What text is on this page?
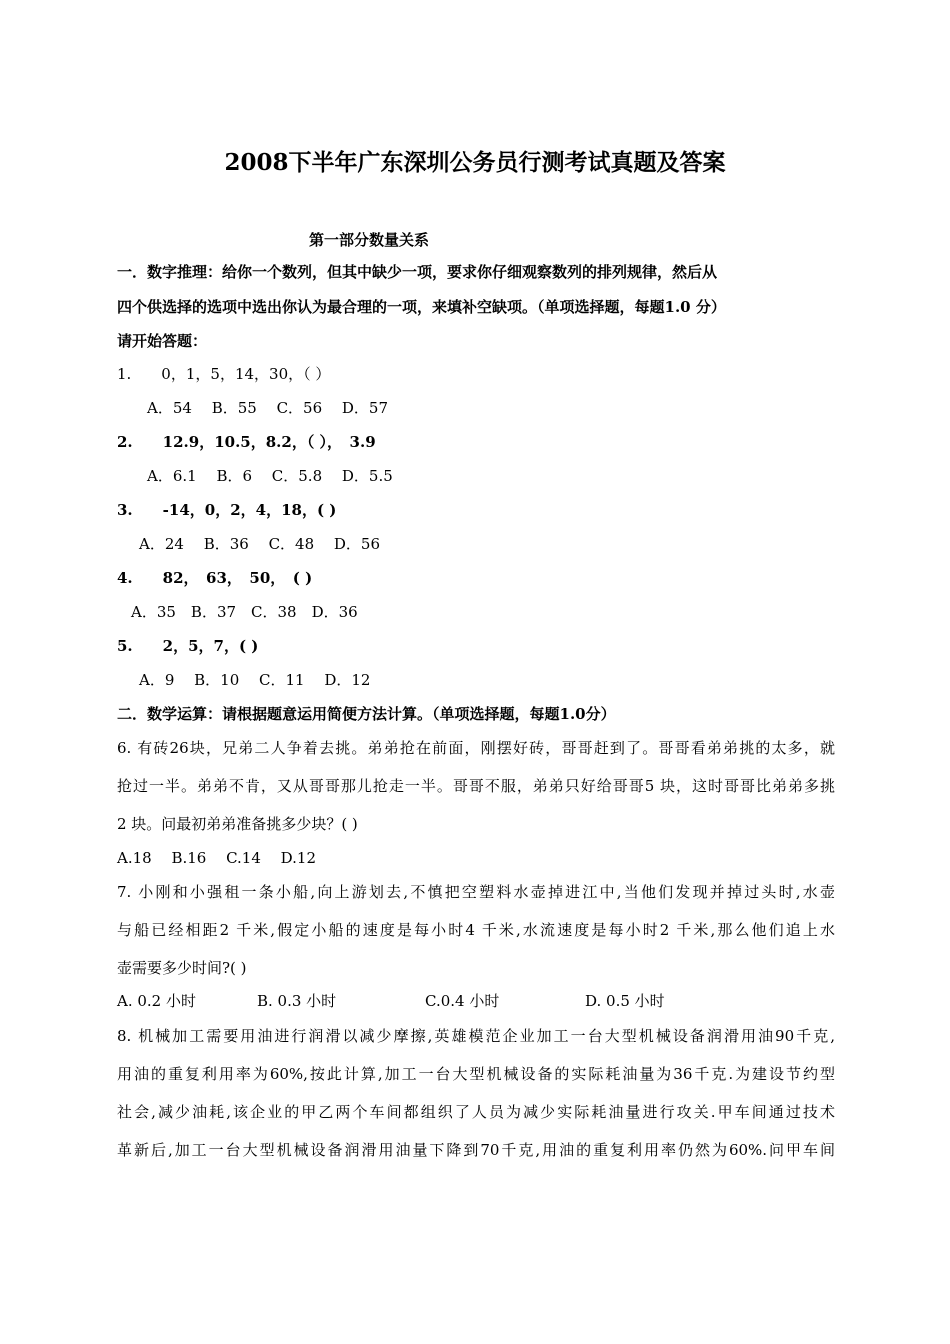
2008下半年广东深圳公务员行测考试真题及答案
第一部分数量关系
一．数字推理：给你一个数列，但其中缺少一项，要求你仔细观察数列的排列规律，然后从
四个供选择的选项中选出你认为最合理的一项，来填补空缺项。（单项选择题，每题1.0 分）
请开始答题：
1.　　0，1，5，14，30，（ ）
A．54　 B．55　 C．56　 D．57
2.　　12.9，10.5，8.2，（ ），　3.9
A．6.1　 B．6　 C．5.8　 D．5.5
3.　　-14，0，2，4，18，( )
A．24　 B．36　 C．48　 D．56
4.　　82，　63，　50，　( )
A．35　B．37　C．38　D．36
5.　　2，5，7，( )
A．9　 B．10　 C．11　 D．12
二．数学运算：请根据题意运用简便方法计算。（单项选择题，每题1.0分）
6. 有砖26块，兄弟二人争着去挑。弟弟抢在前面，刚摆好砖，哥哥赶到了。哥哥看弟弟挑的太多，就
抢过一半。弟弟不肯，又从哥哥那儿抢走一半。哥哥不服，弟弟只好给哥哥5 块，这时哥哥比弟弟多挑
2 块。问最初弟弟准备挑多少块？( )
A.18　 B.16　 C.14　 D.12
7. 小刚和小强租一条小船,向上游划去,不慎把空塑料水壶掉进江中,当他们发现并掉过头时,水壶
与船已经相距2 千米,假定小船的速度是每小时4 千米,水流速度是每小时2 千米,那么他们追上水
壶需要多少时间?( )
A. 0.2 小时	B. 0.3 小时	C.0.4 小时	D. 0.5 小时
8. 机械加工需要用油进行润滑以减少摩擦,英雄模范企业加工一台大型机械设备润滑用油90千克,
用油的重复利用率为60%,按此计算,加工一台大型机械设备的实际耗油量为36千克.为建设节约型
社会,减少油耗,该企业的甲乙两个车间都组织了人员为减少实际耗油量进行攻关.甲车间通过技术
革新后,加工一台大型机械设备润滑用油量下降到70千克,用油的重复利用率仍然为60%.问甲车间
